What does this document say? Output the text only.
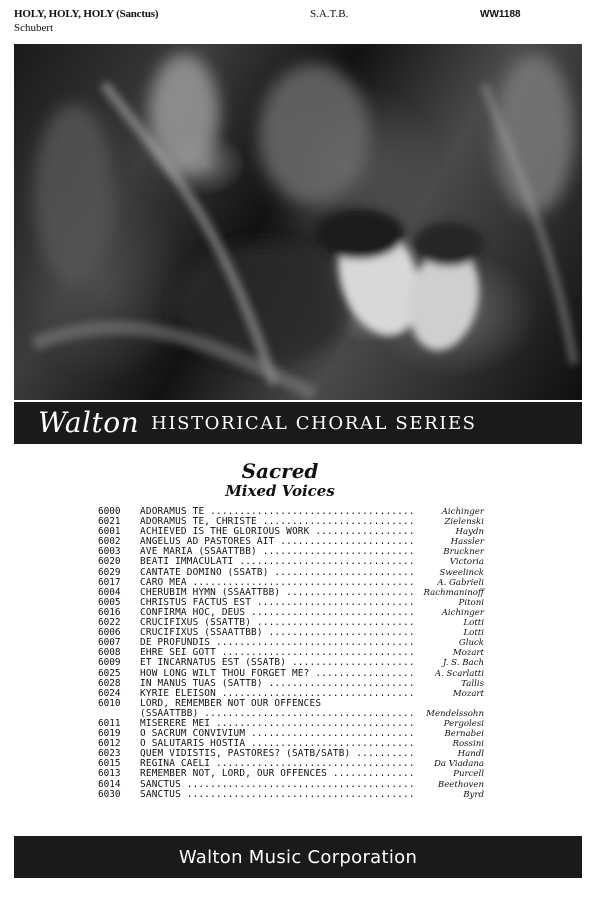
HOLY, HOLY, HOLY (Sanctus)
Schubert
S.A.T.B.	WW1188
Walton HISTORICAL CHORAL SERIES
Sacred
Mixed Voices
6000	ADORAMUS TE .....	Aichinger
6021	ADORAMUS TE, CHRISTE .....	Zielenski
6001	ACHIEVED IS THE GLORIOUS WORK .....	Haydn
6002	ANGELUS AD PASTORES AIT .....	Hassler
6003	AVE MARIA (SSAATTBB) .....	Bruckner
6020	BEATI IMMACULATI .....	Victoria
6029	CANTATE DOMINO (SSATB) .....	Sweelinck
6017	CARO MEA .....	A. Gabrieli
6004	CHERUBIM HYMN (SSAATTBB) .....	Rachmaninoff
6005	CHRISTUS FACTUS EST .....	Pitoni
6016	CONFIRMA HOC, DEUS .....	Aichinger
6022	CRUCIFIXUS (SSATTB) .....	Lotti
6006	CRUCIFIXUS (SSAATTBB) .....	Lotti
6007	DE PROFUNDIS .....	Gluck
6008	EHRE SEI GOTT .....	Mozart
6009	ET INCARNATUS EST (SSATB) .....	J. S. Bach
6025	HOW LONG WILT THOU FORGET ME? .....	A. Scarlatti
6028	IN MANUS TUAS (SATTB) .....	Tallis
6024	KYRIE ELEISON .....	Mozart
6010	LORD, REMEMBER NOT OUR OFFENCES
(SSAATTBB) .....	Mendelssohn
6011	MISERERE MEI .....	Pergolesi
6019	O SACRUM CONVIVIUM .....	Bernabei
6012	O SALUTARIS HOSTIA .....	Rossini
6023	QUEM VIDISTIS, PASTORES? (SATB/SATB) .....	Handl
6015	REGINA CAELI .....	Da Viadana
6013	REMEMBER NOT, LORD, OUR OFFENCES .....	Purcell
6014	SANCTUS .....	Beethoven
6030	SANCTUS .....	Byrd
Walton Music Corporation
